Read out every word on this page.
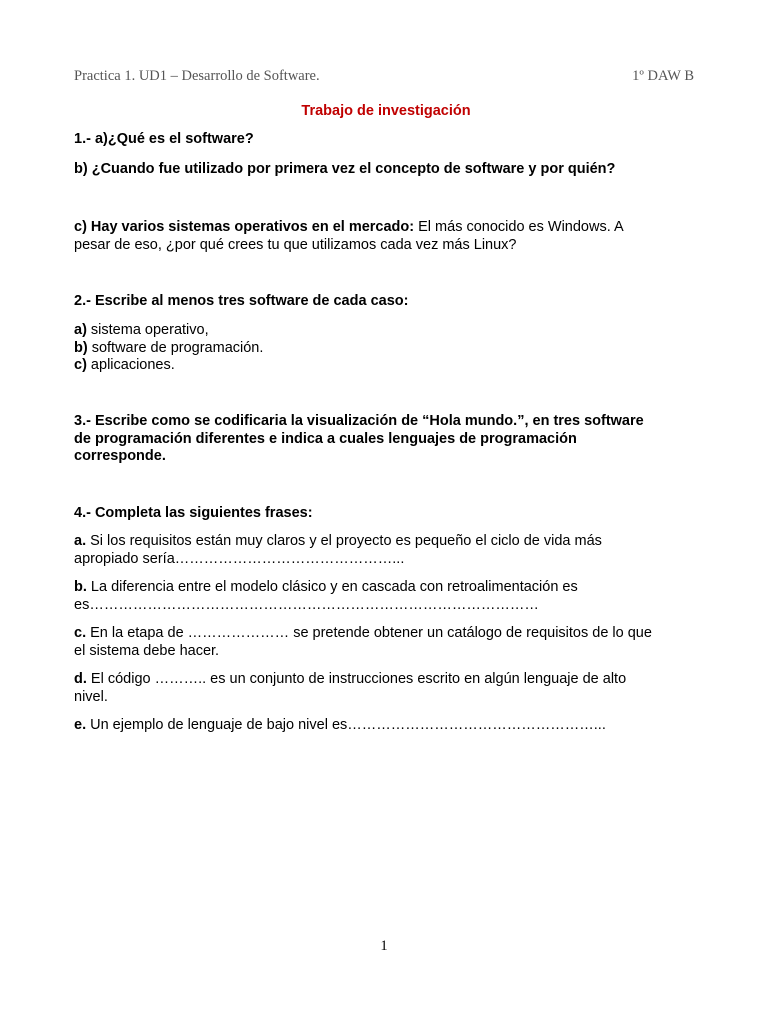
Practica 1. UD1 – Desarrollo de Software.	1º DAW B
Trabajo de investigación
1.- a)¿Qué es el software?
b) ¿Cuando fue utilizado por primera vez el concepto de software y por quién?
c) Hay varios sistemas operativos en el mercado: El más conocido es Windows. A
pesar de eso, ¿por qué crees tu que utilizamos cada vez más Linux?
2.- Escribe al menos tres software de cada caso:
a) sistema operativo,
b) software de programación.
c) aplicaciones.
3.- Escribe como se codificaria la visualización de “Hola mundo.”, en tres software
de programación diferentes e indica a cuales lenguajes de programación
corresponde.
4.- Completa las siguientes frases:
a. Si los requisitos están muy claros y el proyecto es pequeño el ciclo de vida más
apropiado sería………………………………………...
b. La diferencia entre el modelo clásico y en cascada con retroalimentación es
es…………………………………………………………………………………
c. En la etapa de ………………… se pretende obtener un catálogo de requisitos de lo que
el sistema debe hacer.
d. El código ……….. es un conjunto de instrucciones escrito en algún lenguaje de alto
nivel.
e. Un ejemplo de lenguaje de bajo nivel es……………………………………………...
1
